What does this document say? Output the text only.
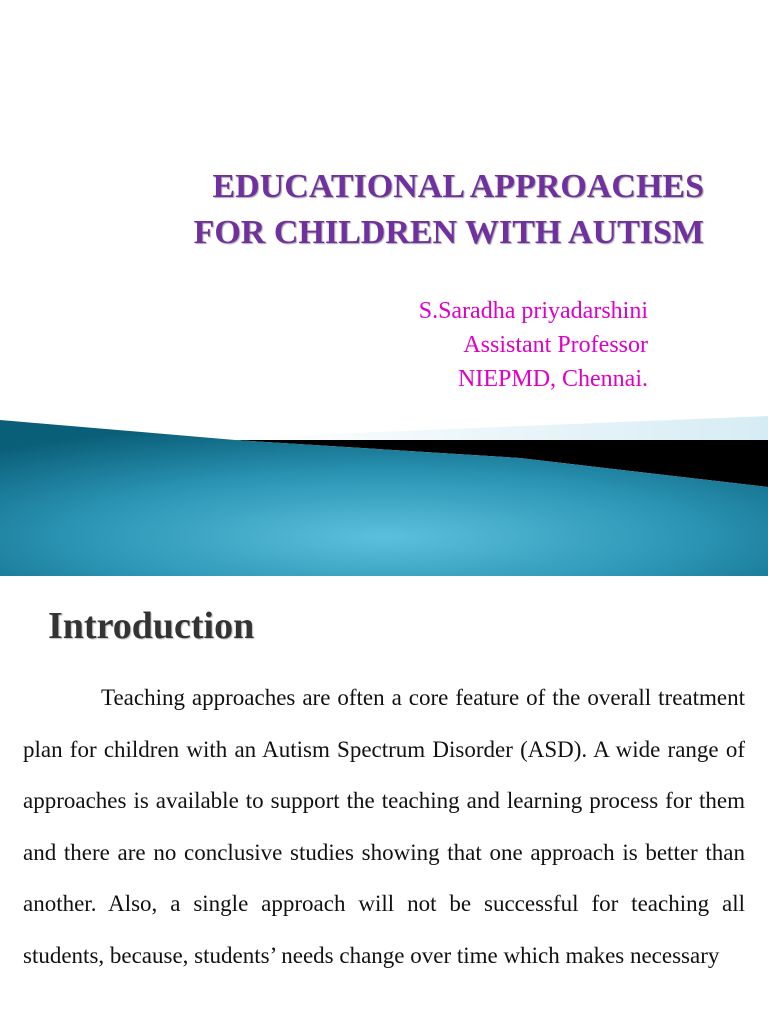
EDUCATIONAL APPROACHES
FOR CHILDREN WITH AUTISM
S.Saradha priyadarshini
Assistant Professor
NIEPMD, Chennai.
Introduction

Teaching approaches are often a core feature of the overall treatment plan for children with an Autism Spectrum Disorder (ASD). A wide range of approaches is available to support the teaching and learning process for them and there are no conclusive studies showing that one approach is better than another. Also, a single approach will not be successful for teaching all students, because, students’ needs change over time which makes necessary
